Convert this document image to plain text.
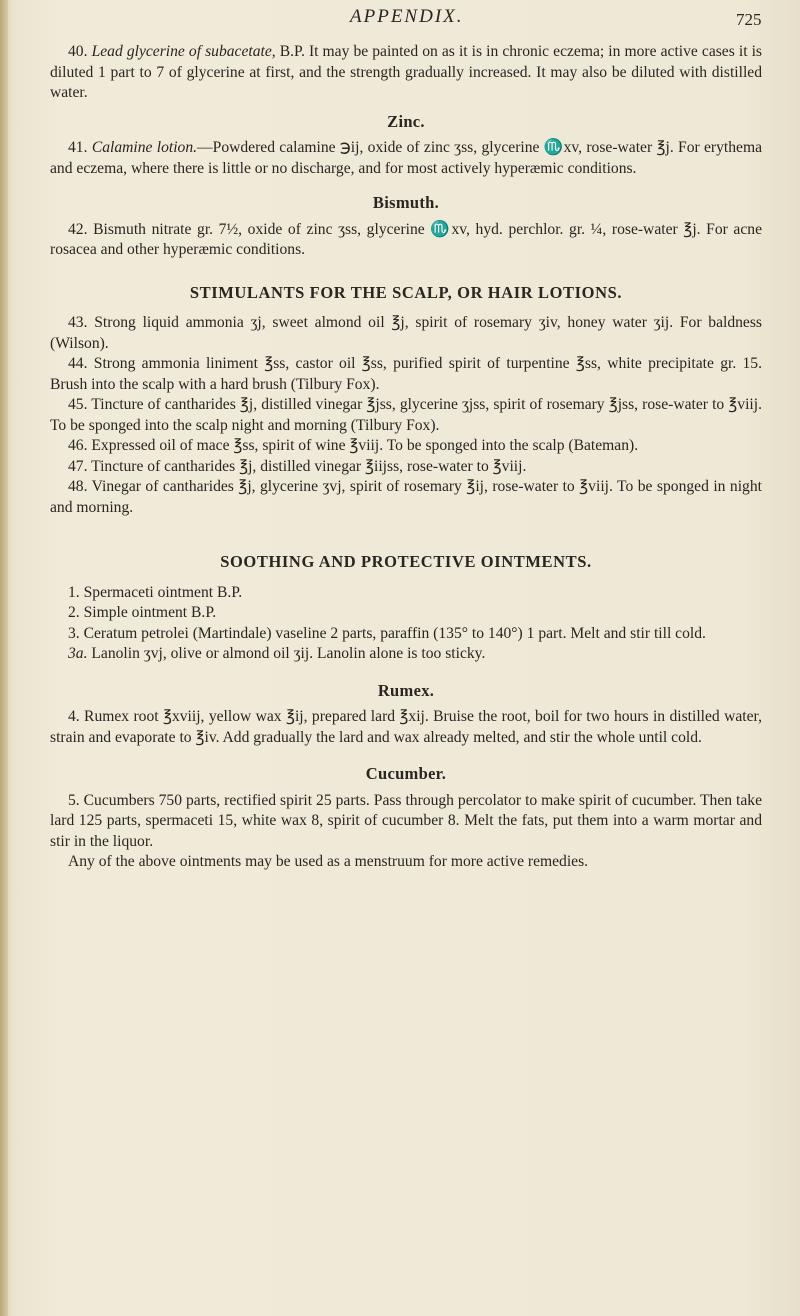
APPENDIX.	725

40. Lead glycerine of subacetate, B.P. It may be painted on as it is in chronic eczema; in more active cases it is diluted 1 part to 7 of glycerine at first, and the strength gradually increased. It may also be diluted with distilled water.

Zinc.

41. Calamine lotion.—Powdered calamine ℈ij, oxide of zinc ʒss, glycerine ♏xv, rose-water ℥j. For erythema and eczema, where there is little or no discharge, and for most actively hyperæmic conditions.

Bismuth.

42. Bismuth nitrate gr. 7½, oxide of zinc ʒss, glycerine ♏xv, hyd. perchlor. gr. ¼, rose-water ℥j. For acne rosacea and other hyperæmic conditions.

STIMULANTS FOR THE SCALP, OR HAIR LOTIONS.

43. Strong liquid ammonia ʒj, sweet almond oil ℥j, spirit of rosemary ʒiv, honey water ʒij. For baldness (Wilson).

44. Strong ammonia liniment ℥ss, castor oil ℥ss, purified spirit of turpentine ℥ss, white precipitate gr. 15. Brush into the scalp with a hard brush (Tilbury Fox).

45. Tincture of cantharides ℥j, distilled vinegar ℥jss, glycerine ʒjss, spirit of rosemary ℥jss, rose-water to ℥viij. To be sponged into the scalp night and morning (Tilbury Fox).

46. Expressed oil of mace ℥ss, spirit of wine ℥viij. To be sponged into the scalp (Bateman).

47. Tincture of cantharides ℥j, distilled vinegar ℥iijss, rose-water to ℥viij.

48. Vinegar of cantharides ℥j, glycerine ʒvj, spirit of rosemary ℥ij, rose-water to ℥viij. To be sponged in night and morning.

SOOTHING AND PROTECTIVE OINTMENTS.

1. Spermaceti ointment B.P.

2. Simple ointment B.P.

3. Ceratum petrolei (Martindale) vaseline 2 parts, paraffin (135° to 140°) 1 part. Melt and stir till cold.

3a. Lanolin ʒvj, olive or almond oil ʒij. Lanolin alone is too sticky.

Rumex.

4. Rumex root ℥xviij, yellow wax ℥ij, prepared lard ℥xij. Bruise the root, boil for two hours in distilled water, strain and evaporate to ℥iv. Add gradually the lard and wax already melted, and stir the whole until cold.

Cucumber.

5. Cucumbers 750 parts, rectified spirit 25 parts. Pass through percolator to make spirit of cucumber. Then take lard 125 parts, spermaceti 15, white wax 8, spirit of cucumber 8. Melt the fats, put them into a warm mortar and stir in the liquor.

Any of the above ointments may be used as a menstruum for more active remedies.
